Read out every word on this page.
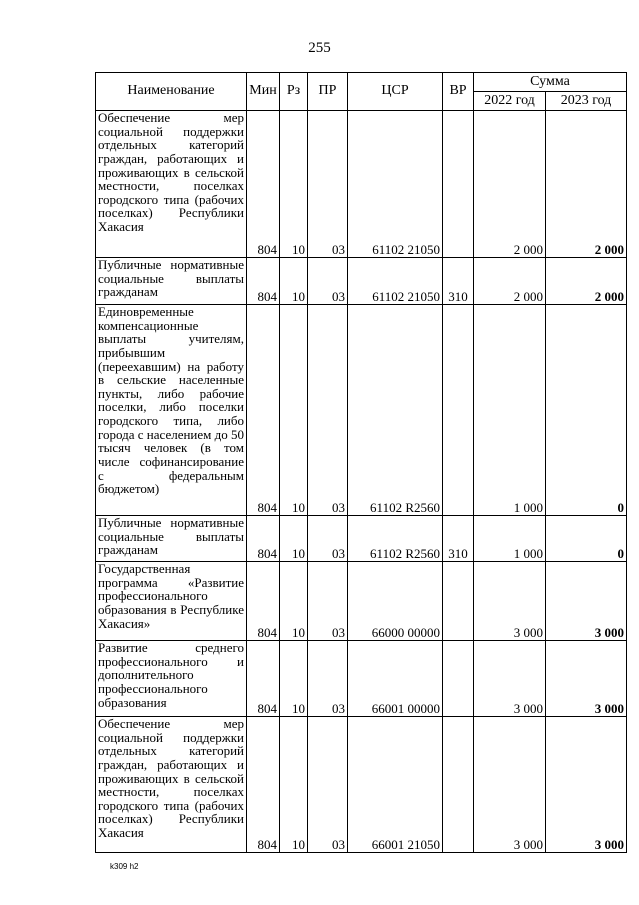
255
Наименование	Мин	Рз	ПР	ЦСР	ВР	Сумма	
						2022 год	2023 год
Обеспечение мер социальной поддержки отдельных категорий граждан, работающих и проживающих в сельской местности, поселках городского типа (рабочих поселках) Республики Хакасия	804	10	03	61102 21050		2 000	2 000
Публичные нормативные социальные выплаты гражданам	804	10	03	61102 21050	310	2 000	2 000
Единовременные компенсационные выплаты учителям, прибывшим (переехавшим) на работу в сельские населенные пункты, либо рабочие поселки, либо поселки городского типа, либо города с населением до 50 тысяч человек (в том числе софинансирование с федеральным бюджетом)	804	10	03	61102 R2560		1 000	0
Публичные нормативные социальные выплаты гражданам	804	10	03	61102 R2560	310	1 000	0
Государственная программа «Развитие профессионального образования в Республике Хакасия»	804	10	03	66000 00000		3 000	3 000
Развитие среднего профессионального и дополнительного профессионального образования	804	10	03	66001 00000		3 000	3 000
Обеспечение мер социальной поддержки отдельных категорий граждан, работающих и проживающих в сельской местности, поселках городского типа (рабочих поселках) Республики Хакасия	804	10	03	66001 21050		3 000	3 000
k309 h2
